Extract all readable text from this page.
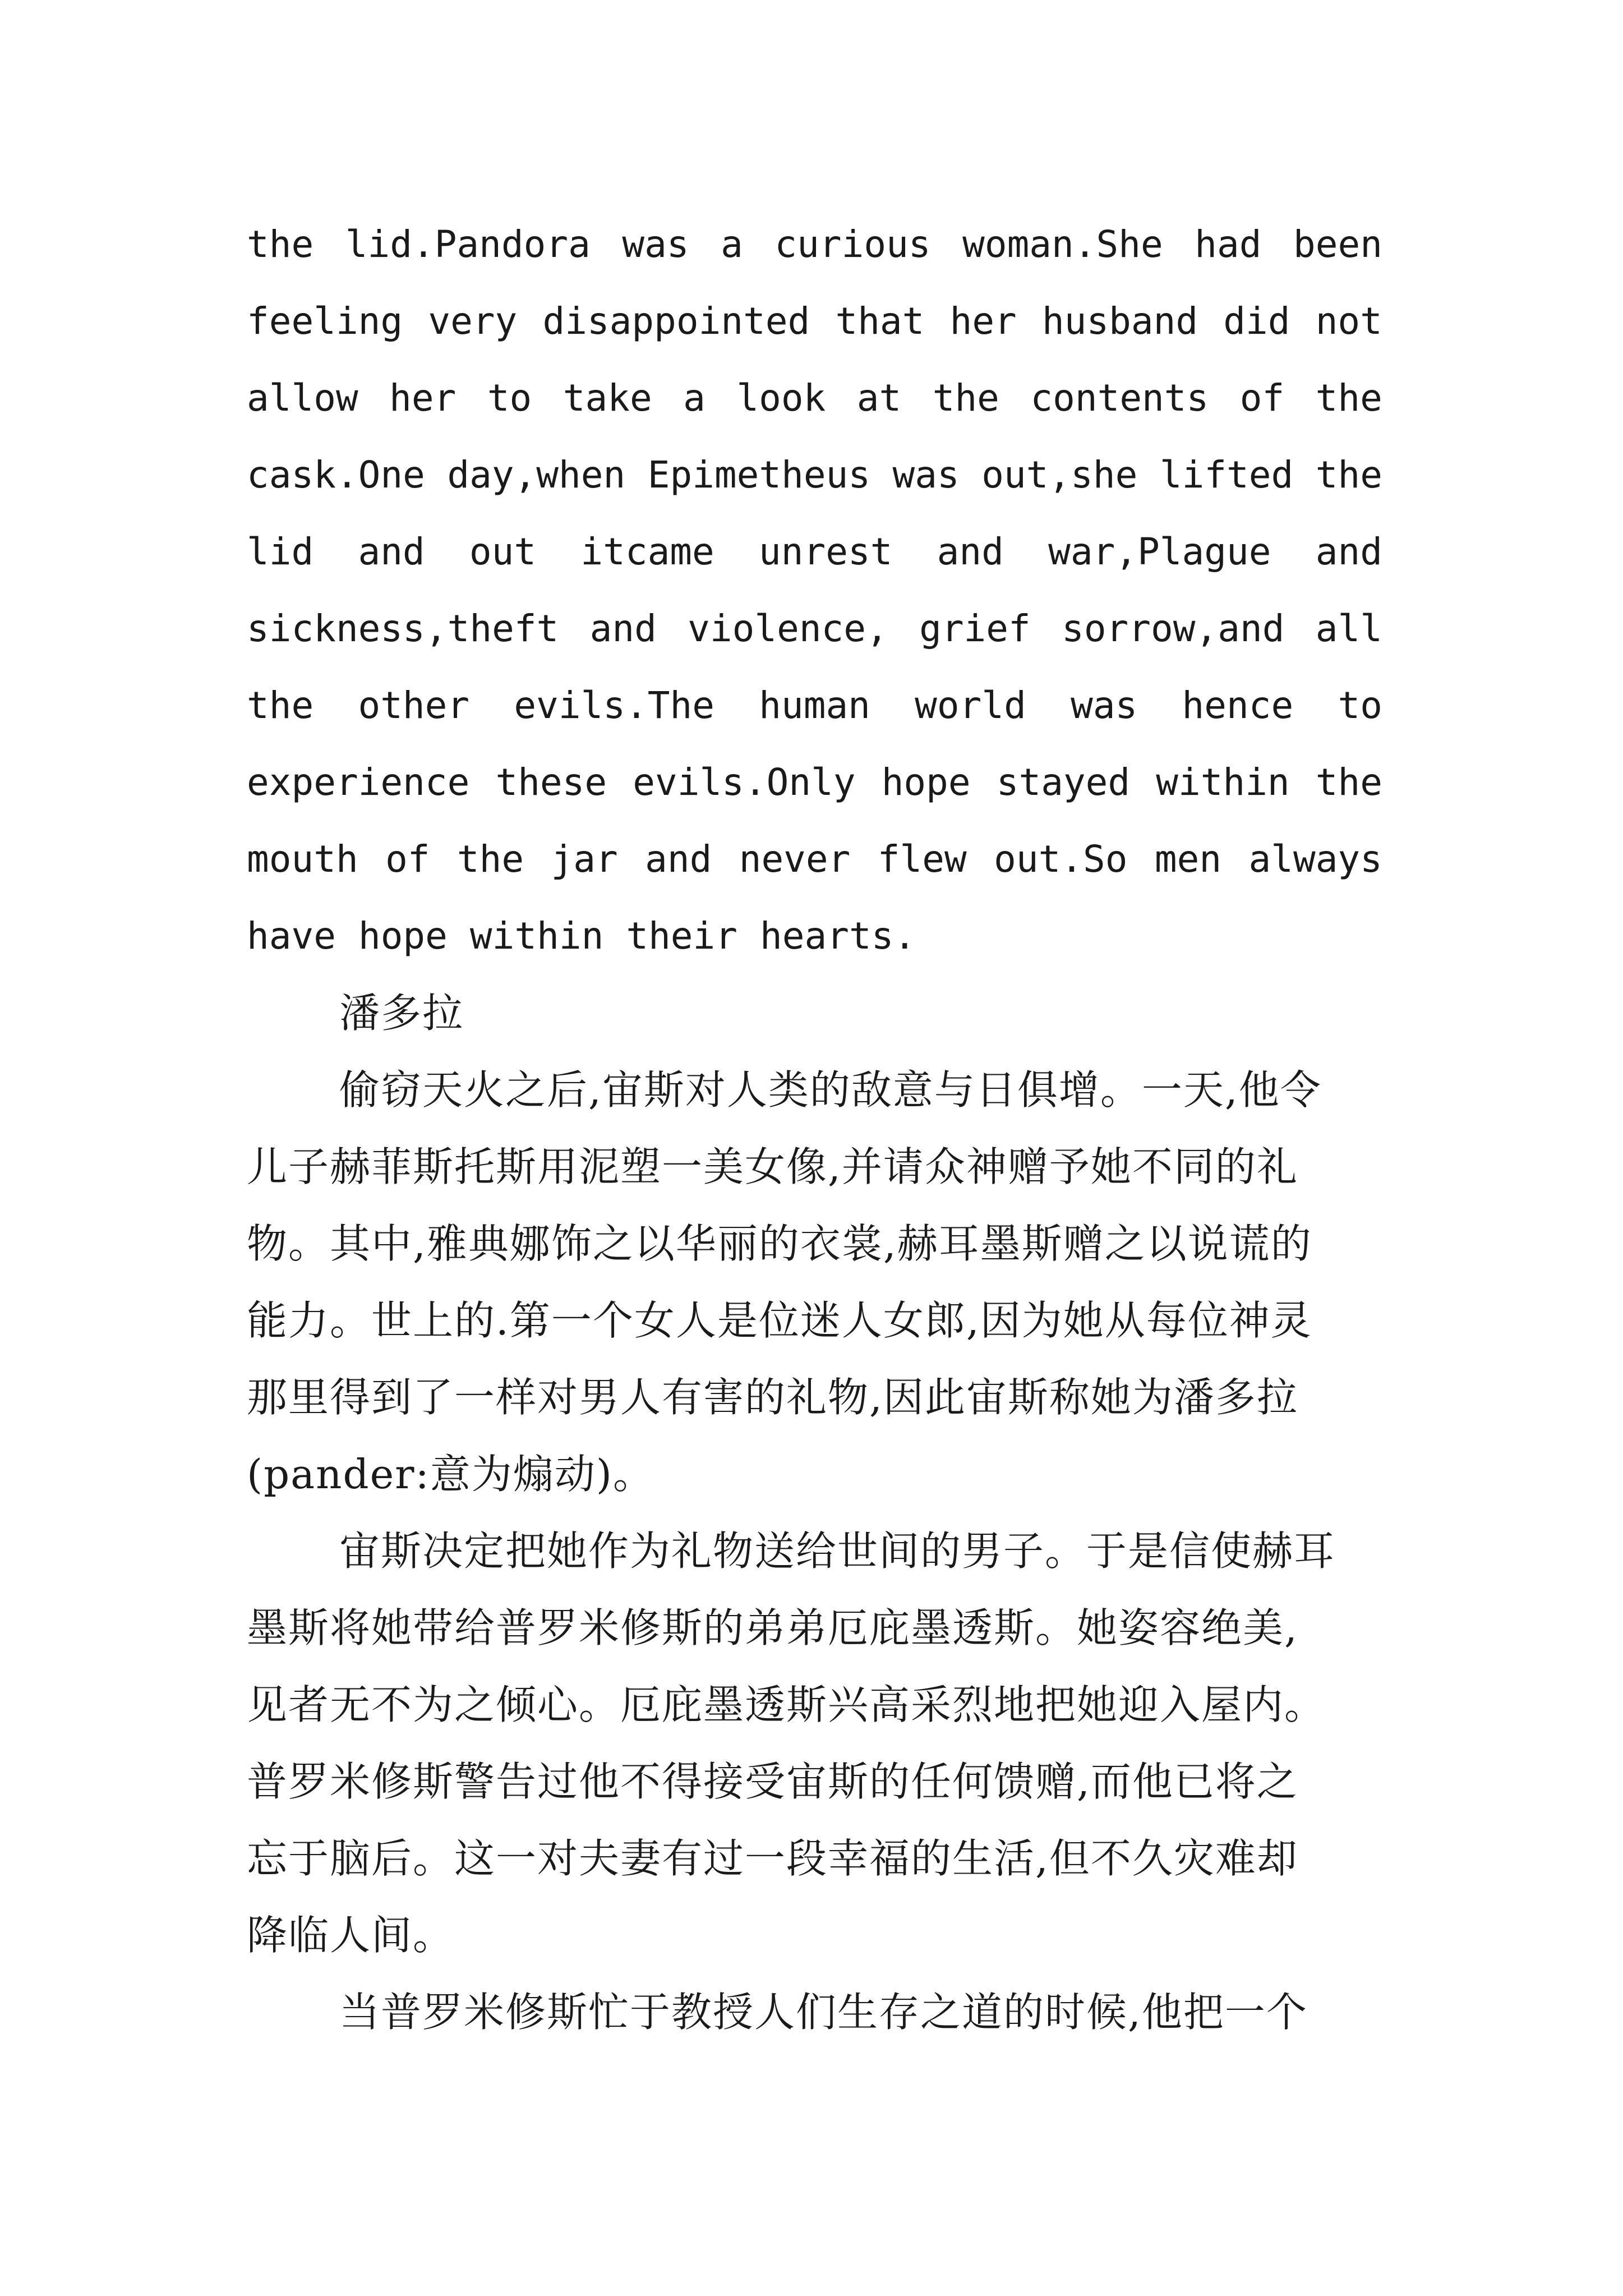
the lid.Pandora was a curious woman.She had been
feeling very disappointed that her husband did not
allow her to take a look at the contents of the
cask.One day,when Epimetheus was out,she lifted the
lid and out itcame unrest and war,Plague and
sickness,theft and violence, grief sorrow,and all
the other evils.The human world was hence to
experience these evils.Only hope stayed within the
mouth of the jar and never flew out.So men always
have hope within their hearts.
潘多拉
偷窃天火之后,宙斯对人类的敌意与日俱增。一天,他令
儿子赫菲斯托斯用泥塑一美女像,并请众神赠予她不同的礼
物。其中,雅典娜饰之以华丽的衣裳,赫耳墨斯赠之以说谎的
能力。世上的.第一个女人是位迷人女郎,因为她从每位神灵
那里得到了一样对男人有害的礼物,因此宙斯称她为潘多拉
(pander:意为煽动)。
宙斯决定把她作为礼物送给世间的男子。于是信使赫耳
墨斯将她带给普罗米修斯的弟弟厄庇墨透斯。她姿容绝美,
见者无不为之倾心。厄庇墨透斯兴高采烈地把她迎入屋内。
普罗米修斯警告过他不得接受宙斯的任何馈赠,而他已将之
忘于脑后。这一对夫妻有过一段幸福的生活,但不久灾难却
降临人间。
当普罗米修斯忙于教授人们生存之道的时候,他把一个
